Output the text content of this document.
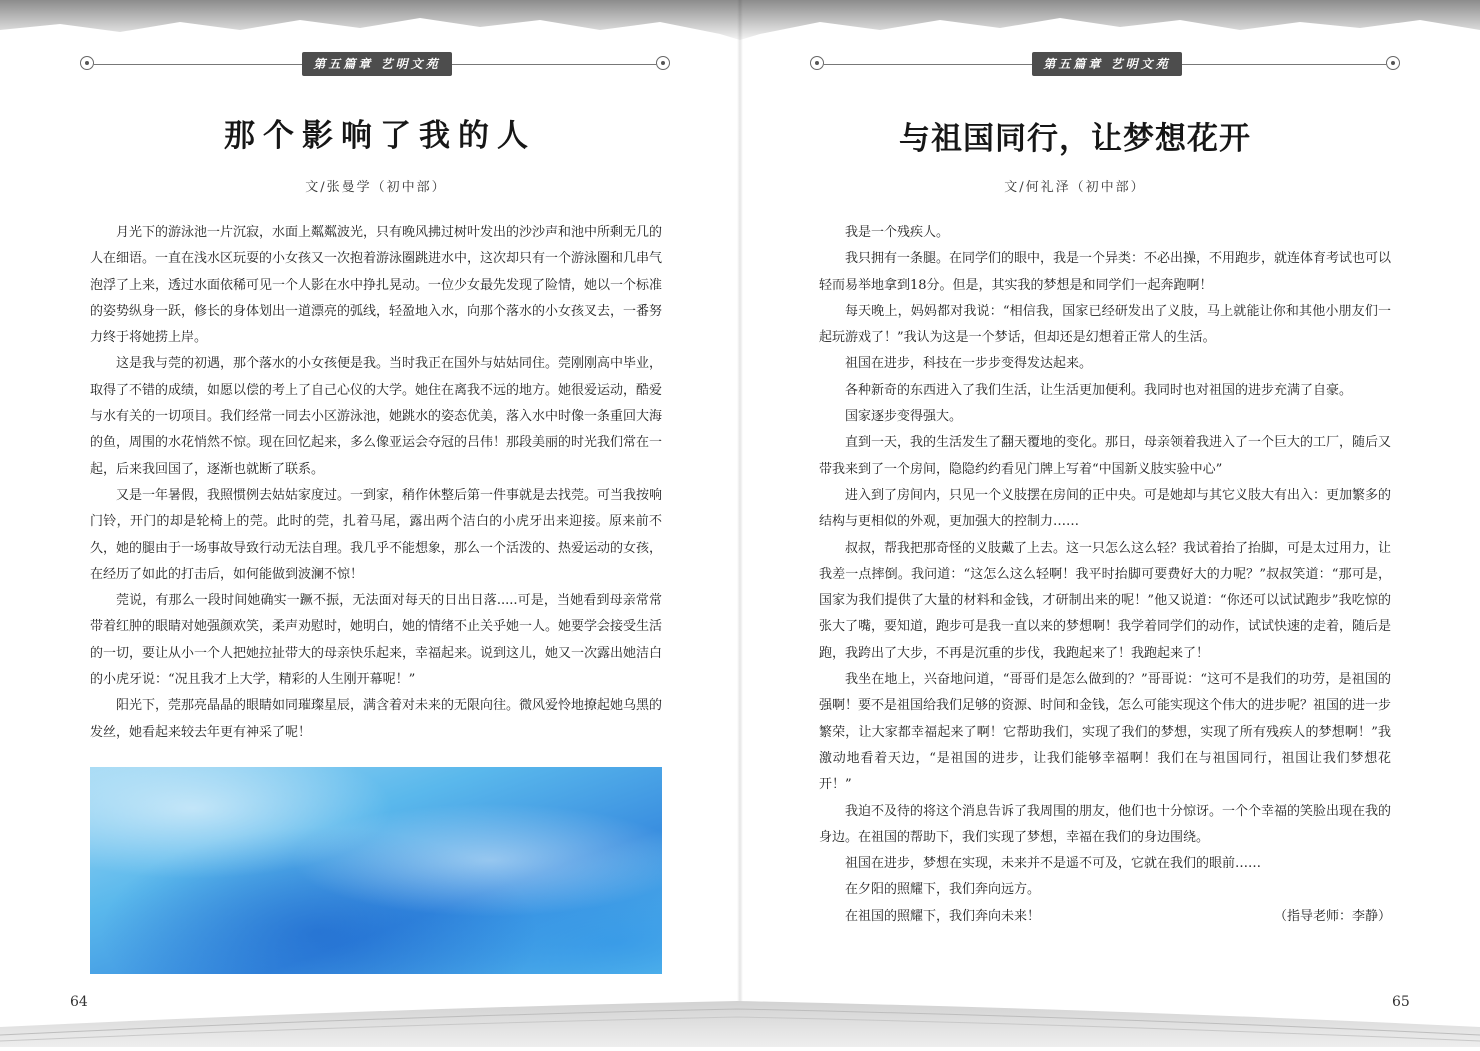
第五篇章 艺明文苑
那个影响了我的人
文/张曼学（初中部）

月光下的游泳池一片沉寂，水面上粼粼波光，只有晚风拂过树叶发出的沙沙声和池中所剩无几的人在细语。一直在浅水区玩耍的小女孩又一次抱着游泳圈跳进水中，这次却只有一个游泳圈和几串气泡浮了上来，透过水面依稀可见一个人影在水中挣扎晃动。一位少女最先发现了险情，她以一个标准的姿势纵身一跃，修长的身体划出一道漂亮的弧线，轻盈地入水，向那个落水的小女孩叉去，一番努力终于将她捞上岸。

这是我与莞的初遇，那个落水的小女孩便是我。当时我正在国外与姑姑同住。莞刚刚高中毕业，取得了不错的成绩，如愿以偿的考上了自己心仪的大学。她住在离我不远的地方。她很爱运动，酷爱与水有关的一切项目。我们经常一同去小区游泳池，她跳水的姿态优美，落入水中时像一条重回大海的鱼，周围的水花悄然不惊。现在回忆起来，多么像亚运会夺冠的吕伟！那段美丽的时光我们常在一起，后来我回国了，逐渐也就断了联系。

又是一年暑假，我照惯例去姑姑家度过。一到家，稍作休整后第一件事就是去找莞。可当我按响门铃，开门的却是轮椅上的莞。此时的莞，扎着马尾，露出两个洁白的小虎牙出来迎接。原来前不久，她的腿由于一场事故导致行动无法自理。我几乎不能想象，那么一个活泼的、热爱运动的女孩，在经历了如此的打击后，如何能做到波澜不惊！

莞说，有那么一段时间她确实一蹶不振，无法面对每天的日出日落.....可是，当她看到母亲常常带着红肿的眼睛对她强颜欢笑，柔声劝慰时，她明白，她的情绪不止关乎她一人。她要学会接受生活的一切，要让从小一个人把她拉扯带大的母亲快乐起来，幸福起来。说到这儿，她又一次露出她洁白的小虎牙说：“况且我才上大学，精彩的人生刚开幕呢！”

阳光下，莞那亮晶晶的眼睛如同璀璨星辰，满含着对未来的无限向往。微风爱怜地撩起她乌黑的发丝，她看起来较去年更有神采了呢！

64
第五篇章 艺明文苑
与祖国同行，让梦想花开
文/何礼泽（初中部）

我是一个残疾人。

我只拥有一条腿。在同学们的眼中，我是一个异类：不必出操，不用跑步，就连体育考试也可以轻而易举地拿到18分。但是，其实我的梦想是和同学们一起奔跑啊！

每天晚上，妈妈都对我说：“相信我，国家已经研发出了义肢，马上就能让你和其他小朋友们一起玩游戏了！”我认为这是一个梦话，但却还是幻想着正常人的生活。

祖国在进步，科技在一步步变得发达起来。

各种新奇的东西进入了我们生活，让生活更加便利。我同时也对祖国的进步充满了自豪。

国家逐步变得强大。

直到一天，我的生活发生了翻天覆地的变化。那日，母亲领着我进入了一个巨大的工厂，随后又带我来到了一个房间，隐隐约约看见门牌上写着“中国新义肢实验中心”

进入到了房间内，只见一个义肢摆在房间的正中央。可是她却与其它义肢大有出入：更加繁多的结构与更相似的外观，更加强大的控制力……

叔叔，帮我把那奇怪的义肢戴了上去。这一只怎么这么轻？我试着抬了抬脚，可是太过用力，让我差一点摔倒。我问道：“这怎么这么轻啊！我平时抬脚可要费好大的力呢？”叔叔笑道：“那可是，国家为我们提供了大量的材料和金钱，才研制出来的呢！”他又说道：“你还可以试试跑步”我吃惊的张大了嘴，要知道，跑步可是我一直以来的梦想啊！我学着同学们的动作，试试快速的走着，随后是跑，我跨出了大步，不再是沉重的步伐，我跑起来了！我跑起来了！

我坐在地上，兴奋地问道，“哥哥们是怎么做到的？”哥哥说：“这可不是我们的功劳，是祖国的强啊！要不是祖国给我们足够的资源、时间和金钱，怎么可能实现这个伟大的进步呢？祖国的进一步繁荣，让大家都幸福起来了啊！它帮助我们，实现了我们的梦想，实现了所有残疾人的梦想啊！”我激动地看着天边，“是祖国的进步，让我们能够幸福啊！我们在与祖国同行，祖国让我们梦想花开！”

我迫不及待的将这个消息告诉了我周围的朋友，他们也十分惊讶。一个个幸福的笑脸出现在我的身边。在祖国的帮助下，我们实现了梦想，幸福在我们的身边围绕。

祖国在进步，梦想在实现，未来并不是遥不可及，它就在我们的眼前……

在夕阳的照耀下，我们奔向远方。

在祖国的照耀下，我们奔向未来！	（指导老师：李静）

65
